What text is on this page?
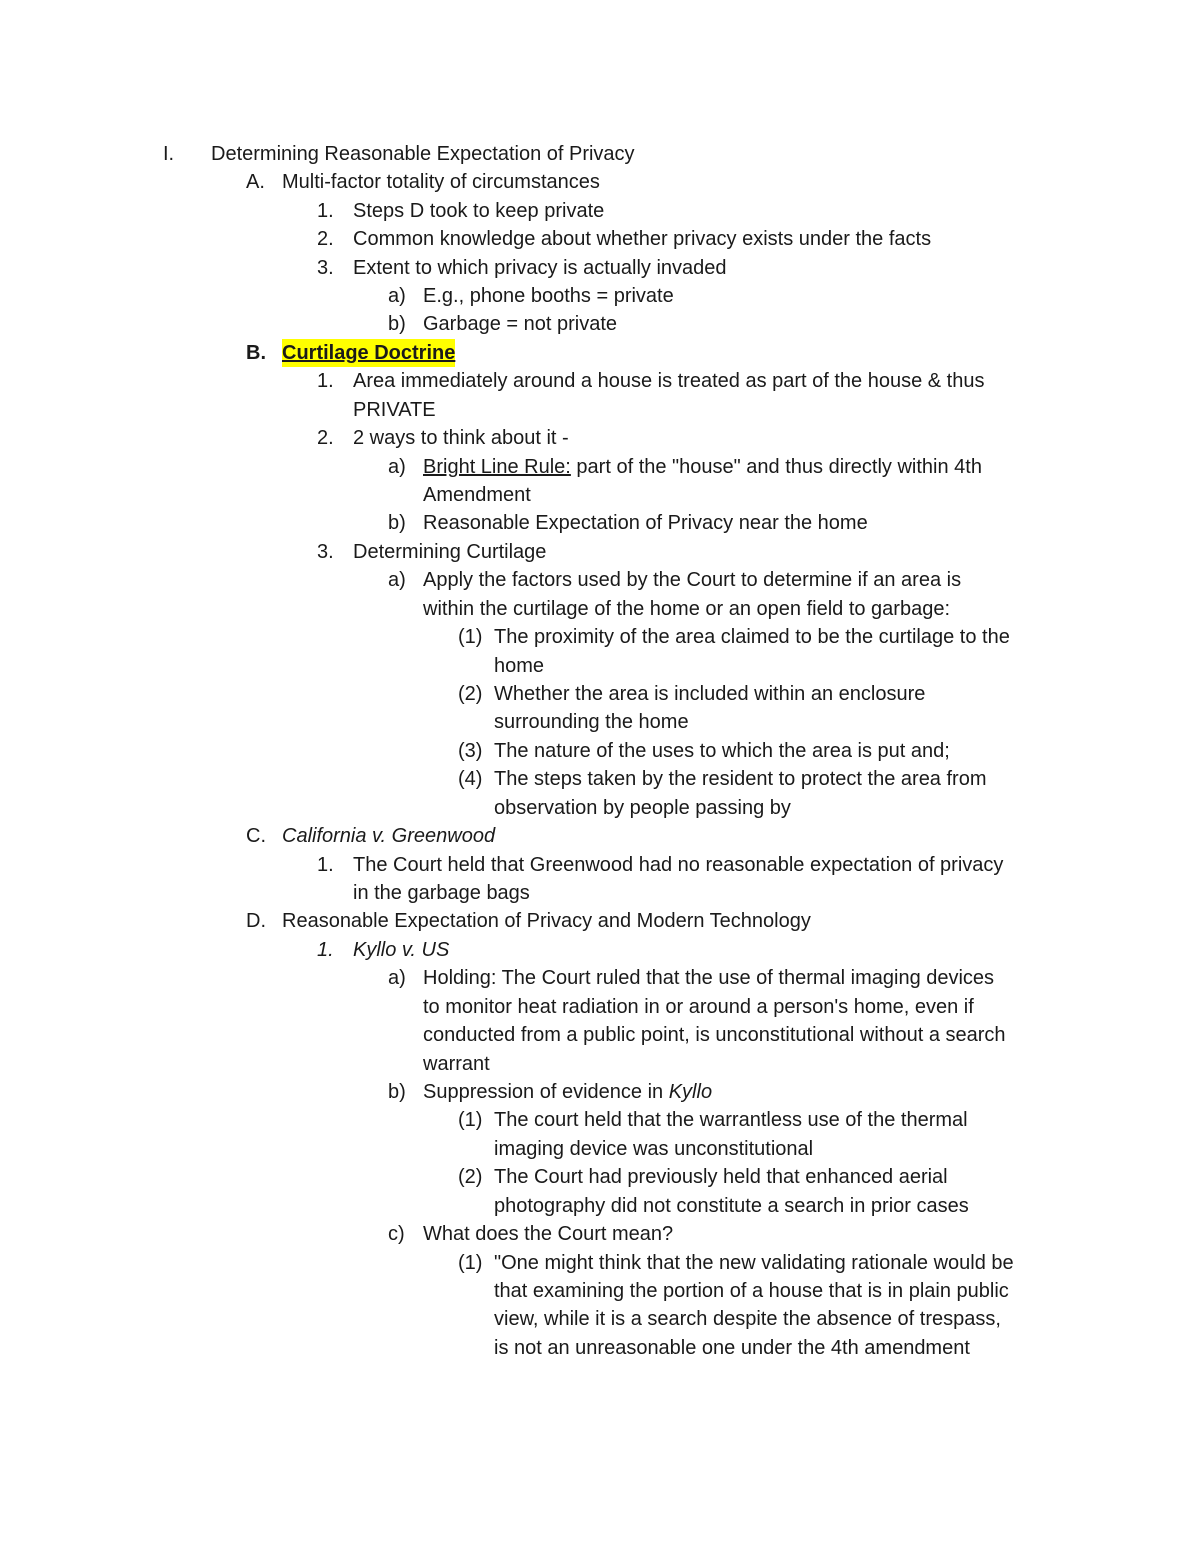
I. Determining Reasonable Expectation of Privacy
A. Multi-factor totality of circumstances
1. Steps D took to keep private
2. Common knowledge about whether privacy exists under the facts
3. Extent to which privacy is actually invaded
a) E.g., phone booths = private
b) Garbage = not private
B. Curtilage Doctrine
1. Area immediately around a house is treated as part of the house & thus
PRIVATE
2. 2 ways to think about it -
a) Bright Line Rule: part of the "house" and thus directly within 4th
Amendment
b) Reasonable Expectation of Privacy near the home
3. Determining Curtilage
a) Apply the factors used by the Court to determine if an area is
within the curtilage of the home or an open field to garbage:
(1) The proximity of the area claimed to be the curtilage to the
home
(2) Whether the area is included within an enclosure
surrounding the home
(3) The nature of the uses to which the area is put and;
(4) The steps taken by the resident to protect the area from
observation by people passing by
C. California v. Greenwood
1. The Court held that Greenwood had no reasonable expectation of privacy
in the garbage bags
D. Reasonable Expectation of Privacy and Modern Technology
1. Kyllo v. US
a) Holding: The Court ruled that the use of thermal imaging devices
to monitor heat radiation in or around a person's home, even if
conducted from a public point, is unconstitutional without a search
warrant
b) Suppression of evidence in Kyllo
(1) The court held that the warrantless use of the thermal
imaging device was unconstitutional
(2) The Court had previously held that enhanced aerial
photography did not constitute a search in prior cases
c) What does the Court mean?
(1) "One might think that the new validating rationale would be
that examining the portion of a house that is in plain public
view, while it is a search despite the absence of trespass,
is not an unreasonable one under the 4th amendment
